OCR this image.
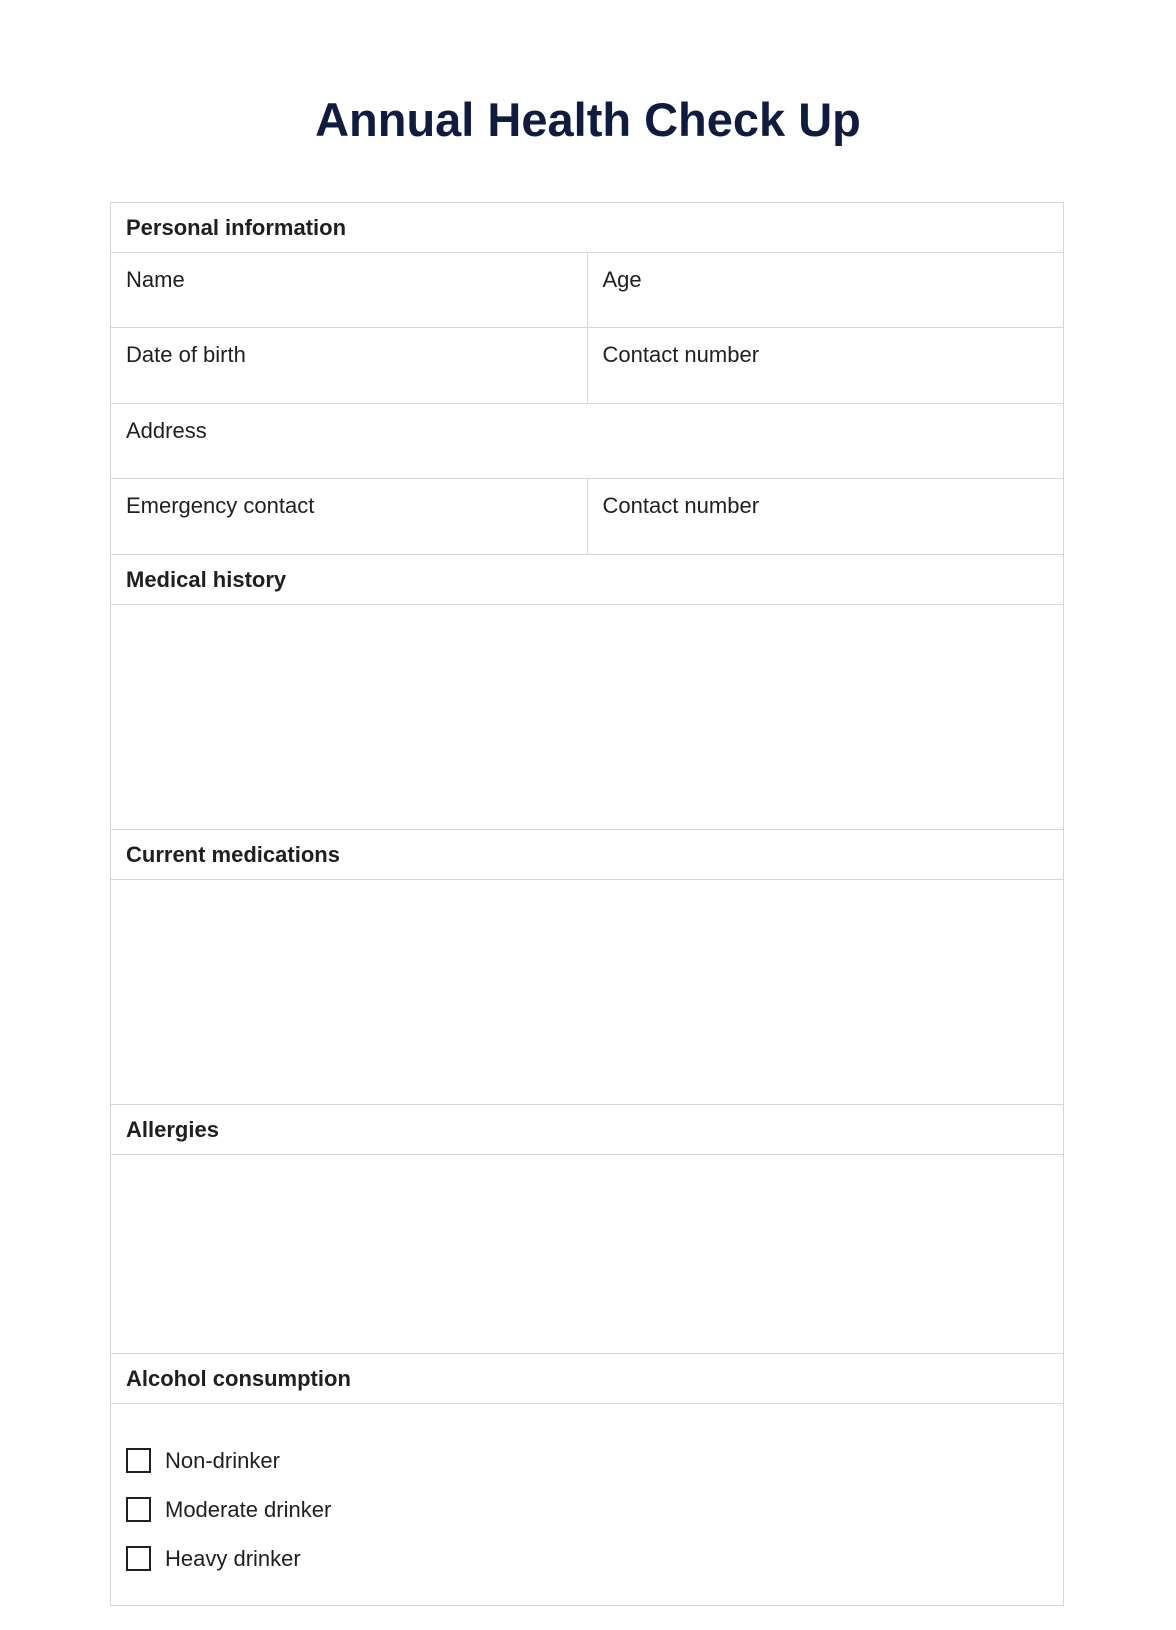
Annual Health Check Up
Personal information
Name	Age
Date of birth	Contact number
Address
Emergency contact	Contact number
Medical history
Current medications
Allergies
Alcohol consumption
Non-drinker
Moderate drinker
Heavy drinker
